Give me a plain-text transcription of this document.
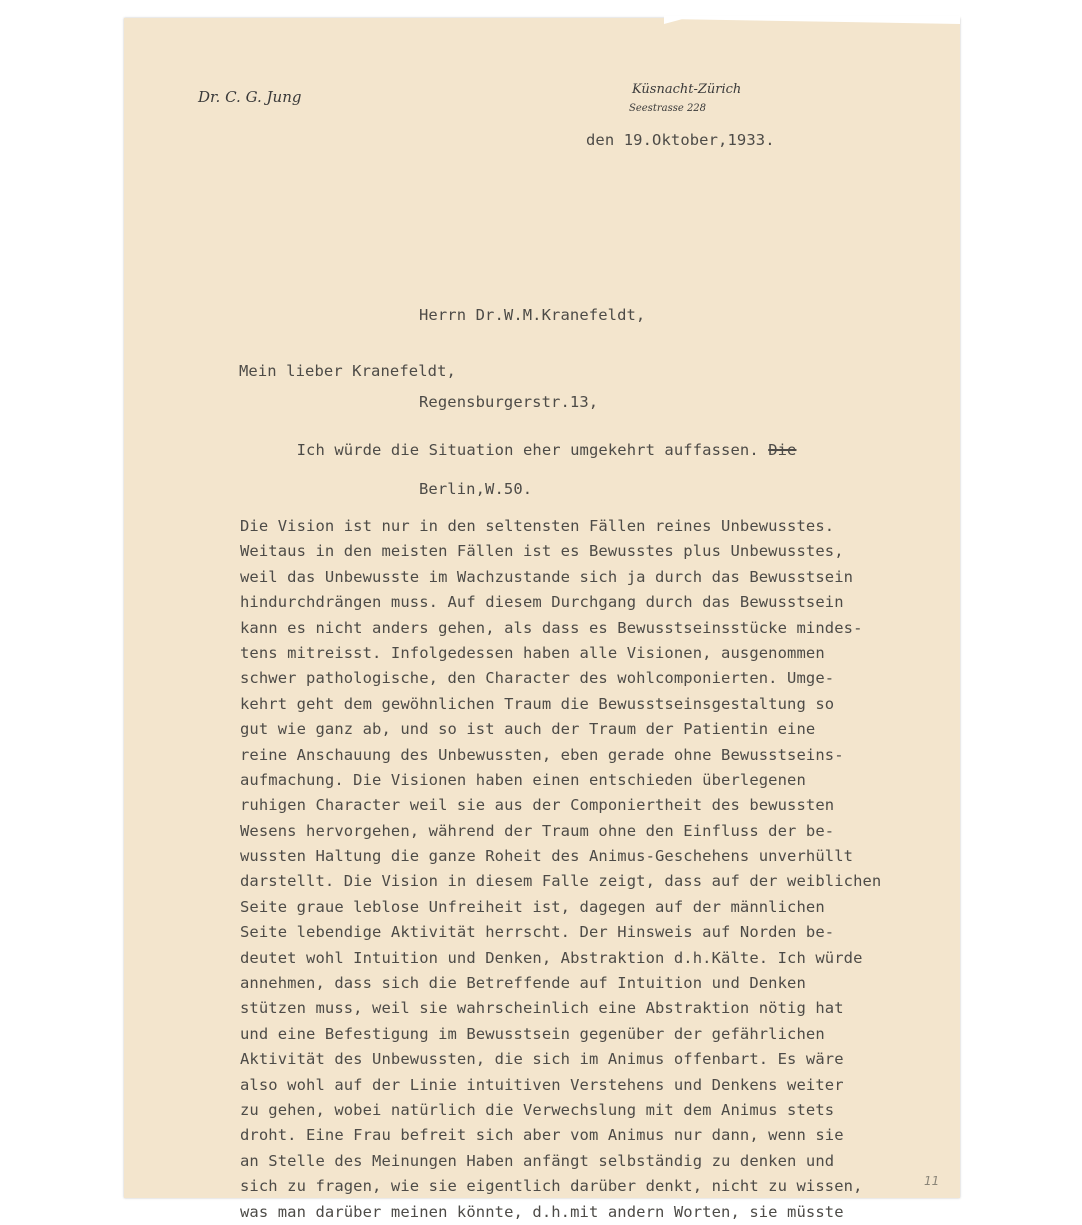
Dr. C. G. Jung	Küsnacht-Zürich
Seestrasse 228
den 19.Oktober,1933.

Herrn Dr.W.M.Kranefeldt,

Regensburgerstr.13,

Berlin,W.50.

Mein lieber Kranefeldt,

Ich würde die Situation eher umgekehrt auffassen. Die

Die Vision ist nur in den seltensten Fällen reines Unbewusstes.
Weitaus in den meisten Fällen ist es Bewusstes plus Unbewusstes,
weil das Unbewusste im Wachzustande sich ja durch das Bewusstsein
hindurchdrängen muss. Auf diesem Durchgang durch das Bewusstsein
kann es nicht anders gehen, als dass es Bewusstseinsstücke mindes-
tens mitreisst. Infolgedessen haben alle Visionen, ausgenommen
schwer pathologische, den Character des wohlcomponierten. Umge-
kehrt geht dem gewöhnlichen Traum die Bewusstseinsgestaltung so
gut wie ganz ab, und so ist auch der Traum der Patientin eine
reine Anschauung des Unbewussten, eben gerade ohne Bewusstseins-
aufmachung. Die Visionen haben einen entschieden überlegenen
ruhigen Character weil sie aus der Componiertheit des bewussten
Wesens hervorgehen, während der Traum ohne den Einfluss der be-
wussten Haltung die ganze Roheit des Animus-Geschehens unverhüllt
darstellt. Die Vision in diesem Falle zeigt, dass auf der weiblichen
Seite graue leblose Unfreiheit ist, dagegen auf der männlichen
Seite lebendige Aktivität herrscht. Der Hinsweis auf Norden be-
deutet wohl Intuition und Denken, Abstraktion d.h.Kälte. Ich würde
annehmen, dass sich die Betreffende auf Intuition und Denken
stützen muss, weil sie wahrscheinlich eine Abstraktion nötig hat
und eine Befestigung im Bewusstsein gegenüber der gefährlichen
Aktivität des Unbewussten, die sich im Animus offenbart. Es wäre
also wohl auf der Linie intuitiven Verstehens und Denkens weiter
zu gehen, wobei natürlich die Verwechslung mit dem Animus stets
droht. Eine Frau befreit sich aber vom Animus nur dann, wenn sie
an Stelle des Meinungen Haben anfängt selbständig zu denken und
sich zu fragen, wie sie eigentlich darüber denkt, nicht zu wissen,
was man darüber meinen könnte, d.h.mit andern Worten, sie müsste
11
